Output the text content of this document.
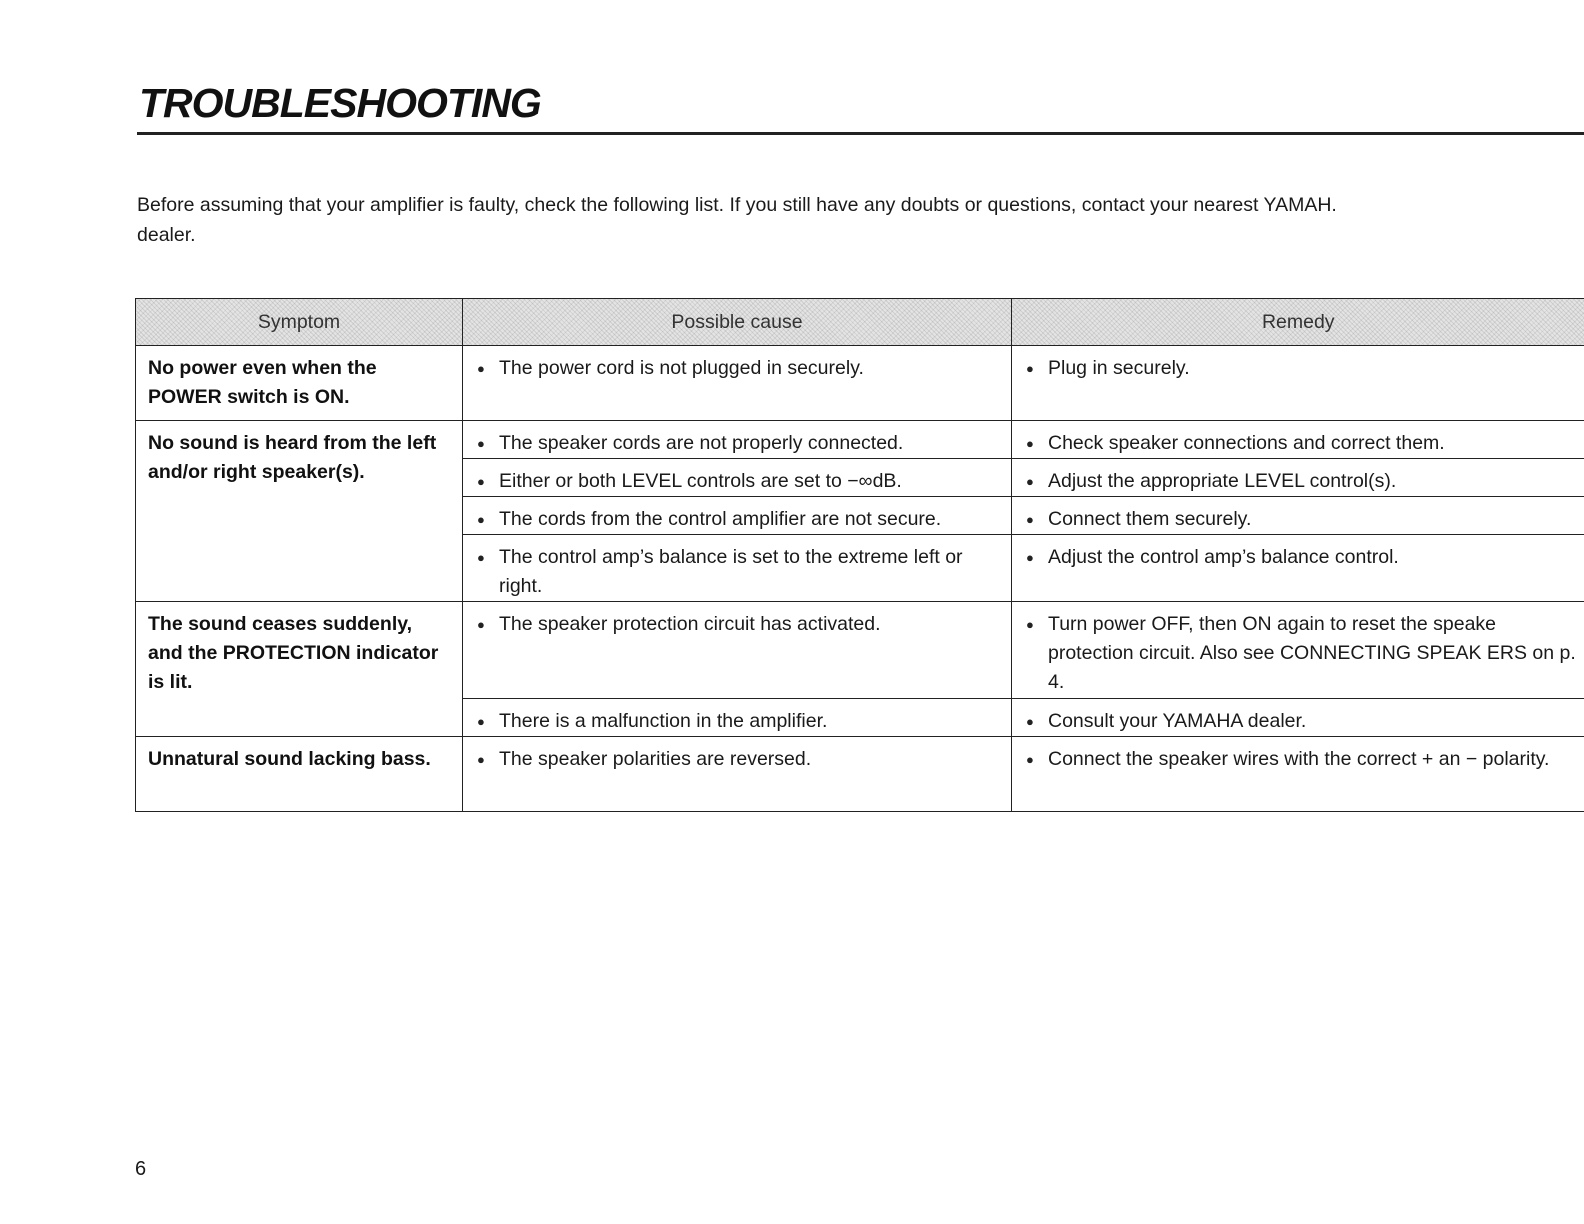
TROUBLESHOOTING

Before assuming that your amplifier is faulty, check the following list. If you still have any doubts or questions, contact your nearest YAMAH.
dealer.

Symptom	Possible cause	Remedy
No power even when the POWER switch is ON.	● The power cord is not plugged in securely.	● Plug in securely.

No sound is heard from the left and/or right speaker(s).	● The speaker cords are not properly connected.	● Check speaker connections and correct them.

	● Either or both LEVEL controls are set to −∞dB.	● Adjust the appropriate LEVEL control(s).

	● The cords from the control amplifier are not secure.	● Connect them securely.

	● The control amp’s balance is set to the extreme left or right.	● Adjust the control amp’s balance control.

The sound ceases suddenly, and the PROTECTION indicator is lit.	● The speaker protection circuit has activated.	● Turn power OFF, then ON again to reset the speake protection circuit. Also see CONNECTING SPEAK ERS on p. 4.

	● There is a malfunction in the amplifier.	● Consult your YAMAHA dealer.

Unnatural sound lacking bass.	● The speaker polarities are reversed.	● Connect the speaker wires with the correct + an − polarity.
6
